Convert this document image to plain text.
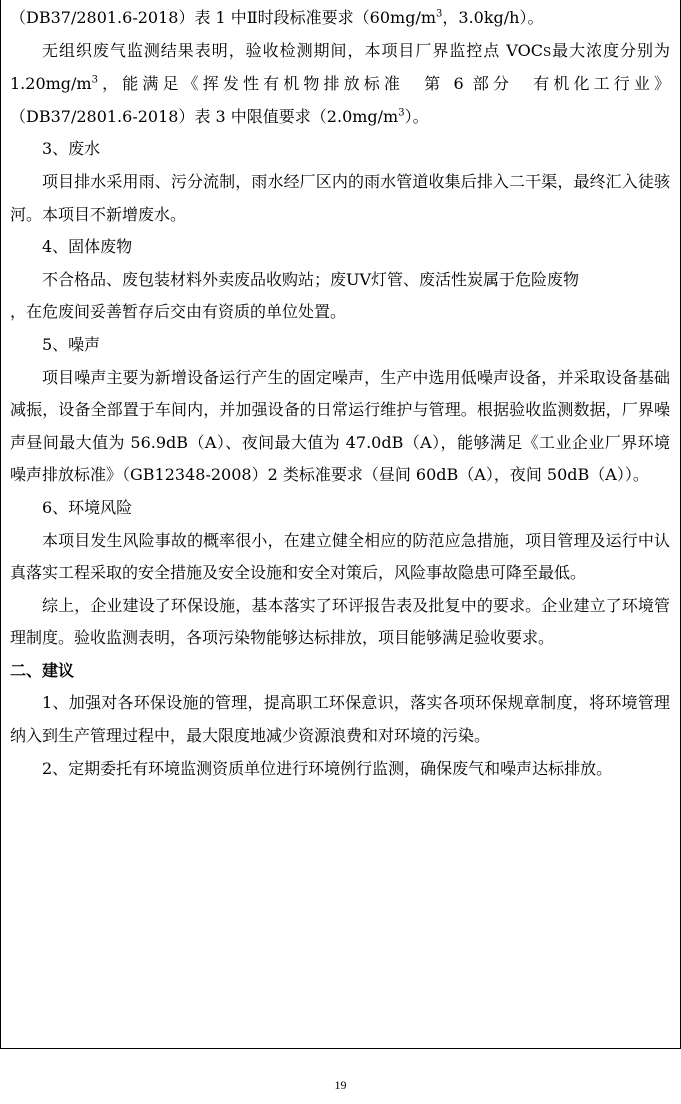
（DB37/2801.6-2018）表 1 中Ⅱ时段标准要求（$60mg/m^3$，3.0kg/h）。

无组织废气监测结果表明，验收检测期间，本项目厂界监控点 VOCS最大浓度分别为 $1.20mg/m^3$，能满足《挥发性有机物排放标准　第 6 部分　有机化工行业》（DB37/2801.6-2018）表 3 中限值要求$(2.0mg/m^3)$。

3、废水

项目排水采用雨、污分流制，雨水经厂区内的雨水管道收集后排入二干渠，最终汇入徒骇河。本项目不新增废水。

4、固体废物

不合格品、废包装材料外卖废品收购站；废UV灯管、废活性炭属于危险废物

，在危废间妥善暂存后交由有资质的单位处置。

5、噪声

项目噪声主要为新增设备运行产生的固定噪声，生产中选用低噪声设备，并采取设备基础减振，设备全部置于车间内，并加强设备的日常运行维护与管理。根据验收监测数据，厂界噪声昼间最大值为 56.9dB（A）、夜间最大值为 47.0dB（A），能够满足《工业企业厂界环境噪声排放标准》（GB12348-2008）2 类标准要求（昼间 60dB（A），夜间 50dB（A））。

6、环境风险

本项目发生风险事故的概率很小，在建立健全相应的防范应急措施，项目管理及运行中认真落实工程采取的安全措施及安全设施和安全对策后，风险事故隐患可降至最低。

综上，企业建设了环保设施，基本落实了环评报告表及批复中的要求。企业建立了环境管理制度。验收监测表明，各项污染物能够达标排放，项目能够满足验收要求。

二、建议

1、加强对各环保设施的管理，提高职工环保意识，落实各项环保规章制度，将环境管理纳入到生产管理过程中，最大限度地减少资源浪费和对环境的污染。

2、定期委托有环境监测资质单位进行环境例行监测，确保废气和噪声达标排放。

19
